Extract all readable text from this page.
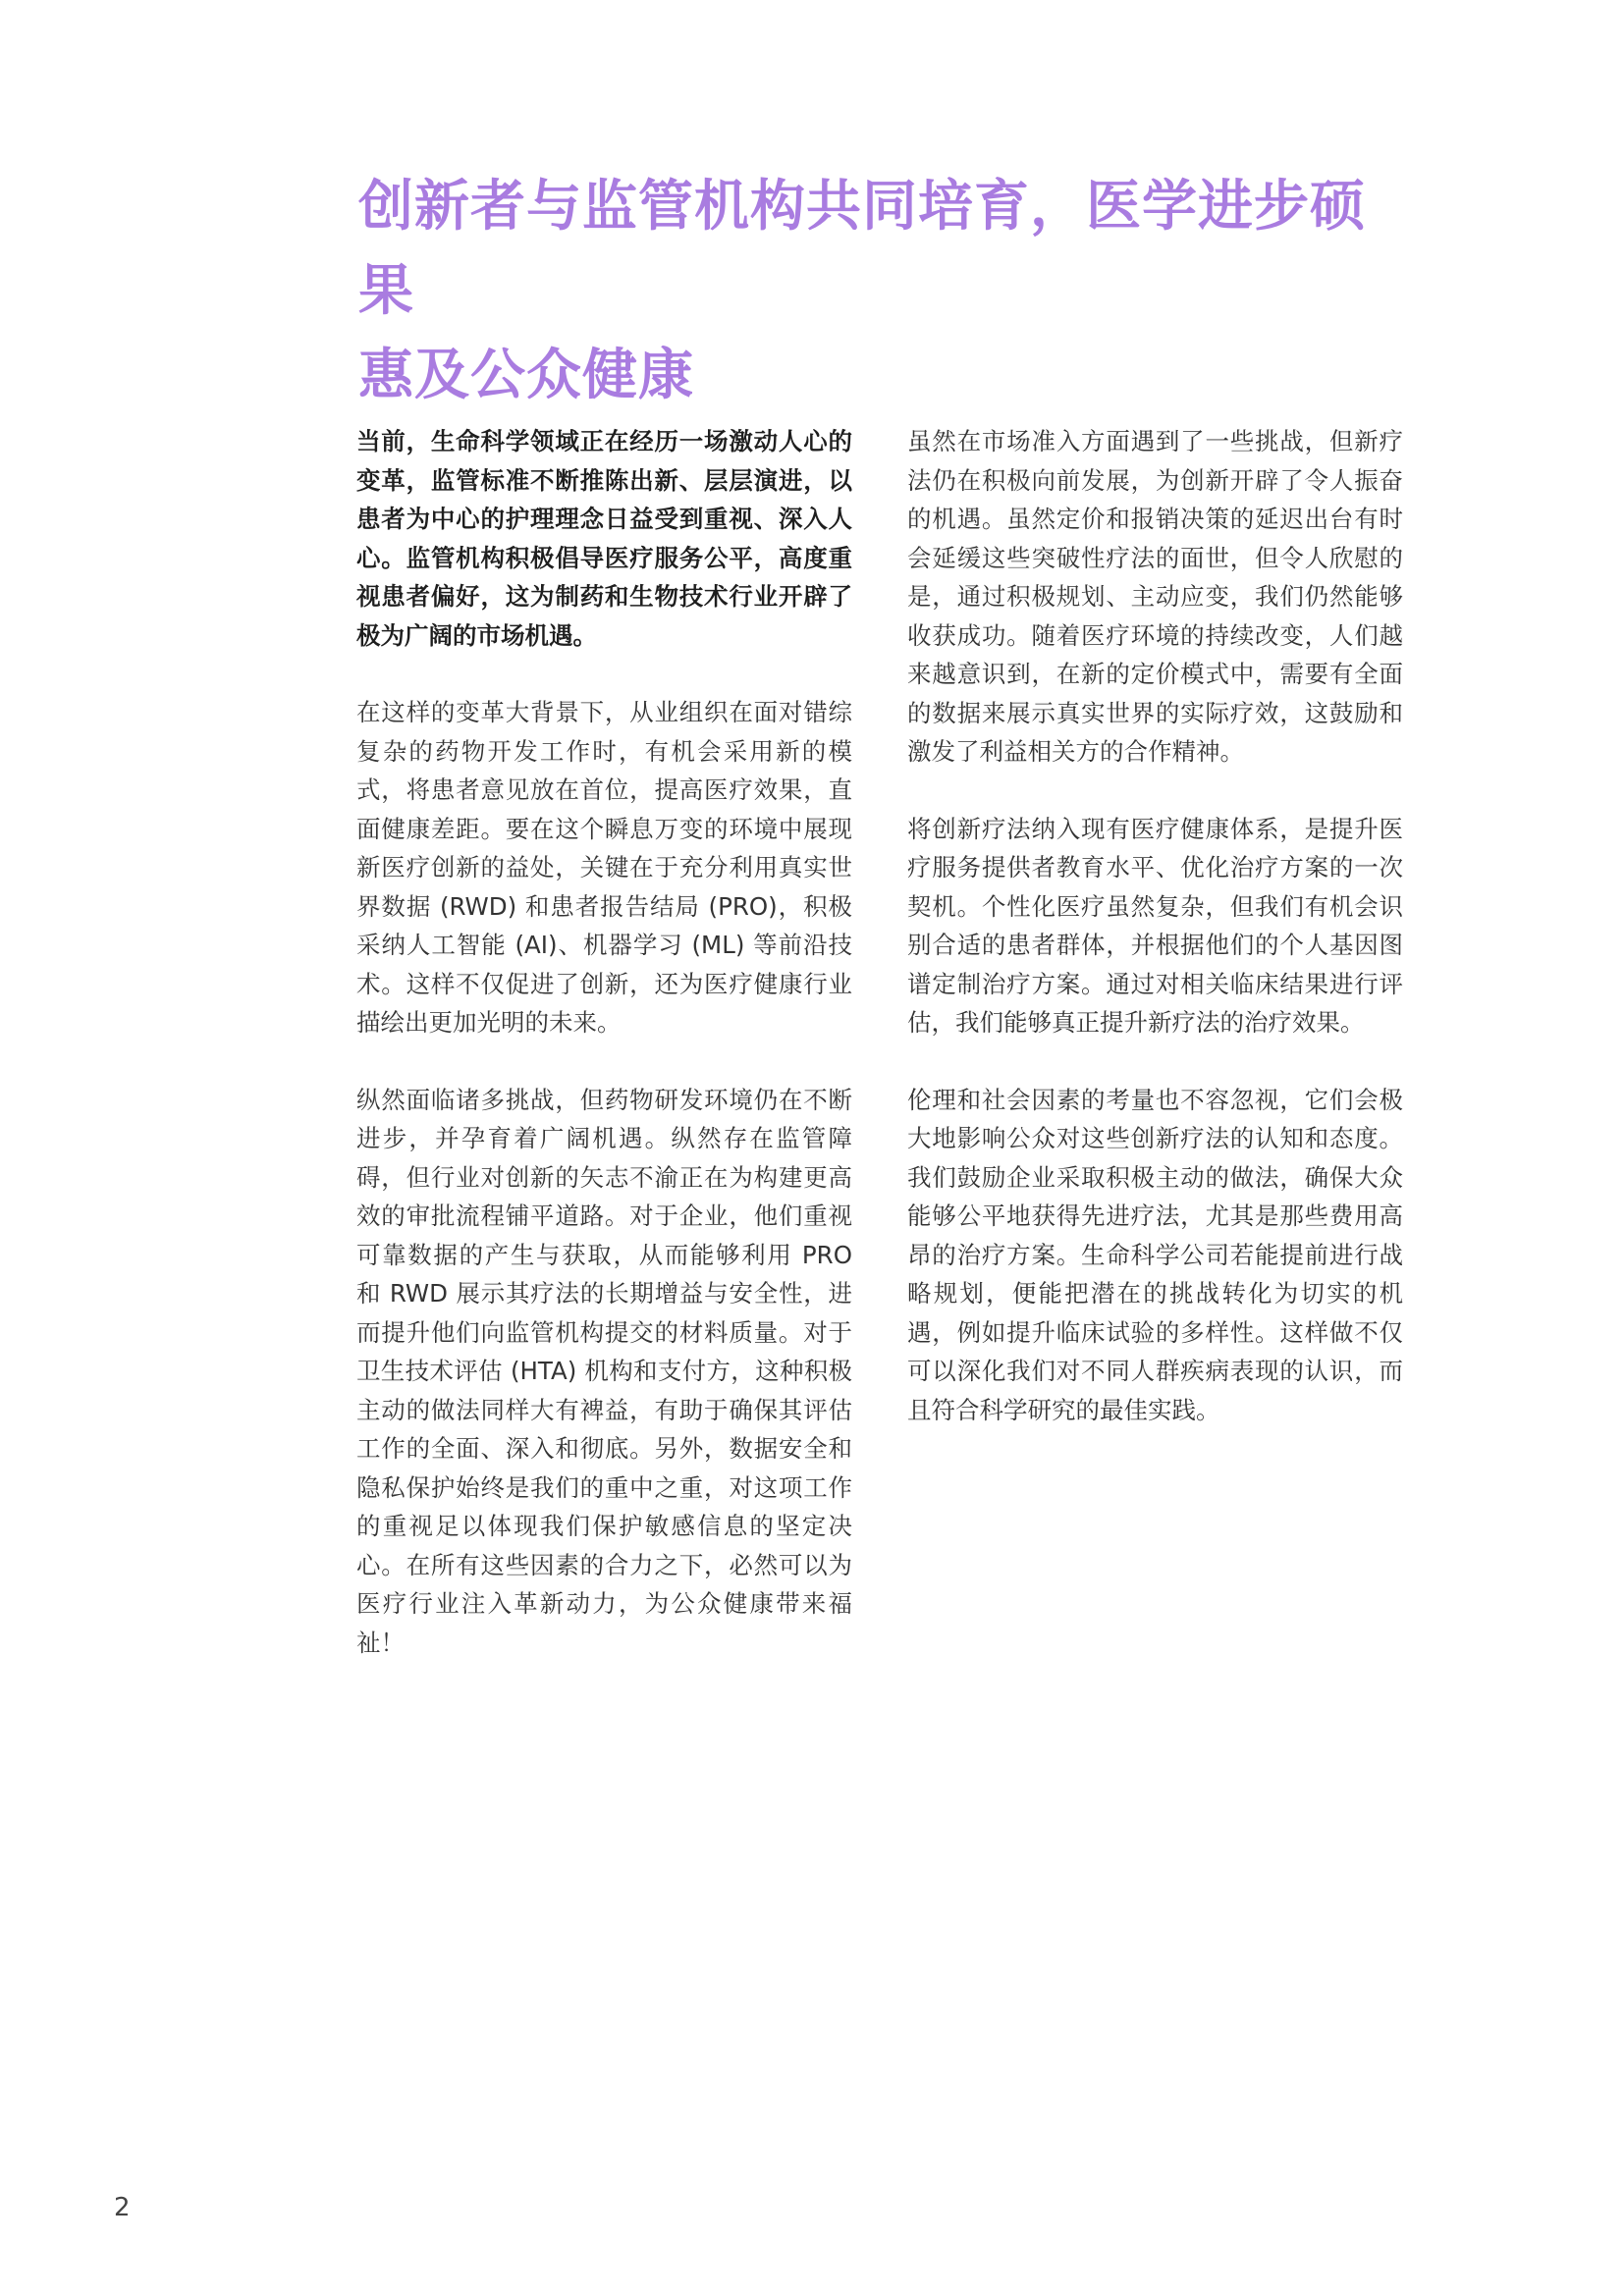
创新者与监管机构共同培育，医学进步硕果
惠及公众健康

当前，生命科学领域正在经历一场激动人心的变革，监管标准不断推陈出新、层层演进，以患者为中心的护理理念日益受到重视、深入人心。监管机构积极倡导医疗服务公平，高度重视患者偏好，这为制药和生物技术行业开辟了极为广阔的市场机遇。

在这样的变革大背景下，从业组织在面对错综复杂的药物开发工作时，有机会采用新的模式，将患者意见放在首位，提高医疗效果，直面健康差距。要在这个瞬息万变的环境中展现新医疗创新的益处，关键在于充分利用真实世界数据 (RWD) 和患者报告结局 (PRO)，积极采纳人工智能 (AI)、机器学习 (ML) 等前沿技术。这样不仅促进了创新，还为医疗健康行业描绘出更加光明的未来。

纵然面临诸多挑战，但药物研发环境仍在不断进步，并孕育着广阔机遇。纵然存在监管障碍，但行业对创新的矢志不渝正在为构建更高效的审批流程铺平道路。对于企业，他们重视可靠数据的产生与获取，从而能够利用 PRO 和 RWD 展示其疗法的长期增益与安全性，进而提升他们向监管机构提交的材料质量。对于卫生技术评估 (HTA) 机构和支付方，这种积极主动的做法同样大有裨益，有助于确保其评估工作的全面、深入和彻底。另外，数据安全和隐私保护始终是我们的重中之重，对这项工作的重视足以体现我们保护敏感信息的坚定决心。在所有这些因素的合力之下，必然可以为医疗行业注入革新动力，为公众健康带来福祉！

虽然在市场准入方面遇到了一些挑战，但新疗法仍在积极向前发展，为创新开辟了令人振奋的机遇。虽然定价和报销决策的延迟出台有时会延缓这些突破性疗法的面世，但令人欣慰的是，通过积极规划、主动应变，我们仍然能够收获成功。随着医疗环境的持续改变，人们越来越意识到，在新的定价模式中，需要有全面的数据来展示真实世界的实际疗效，这鼓励和激发了利益相关方的合作精神。

将创新疗法纳入现有医疗健康体系，是提升医疗服务提供者教育水平、优化治疗方案的一次契机。个性化医疗虽然复杂，但我们有机会识别合适的患者群体，并根据他们的个人基因图谱定制治疗方案。通过对相关临床结果进行评估，我们能够真正提升新疗法的治疗效果。

伦理和社会因素的考量也不容忽视，它们会极大地影响公众对这些创新疗法的认知和态度。我们鼓励企业采取积极主动的做法，确保大众能够公平地获得先进疗法，尤其是那些费用高昂的治疗方案。生命科学公司若能提前进行战略规划，便能把潜在的挑战转化为切实的机遇，例如提升临床试验的多样性。这样做不仅可以深化我们对不同人群疾病表现的认识，而且符合科学研究的最佳实践。

2
